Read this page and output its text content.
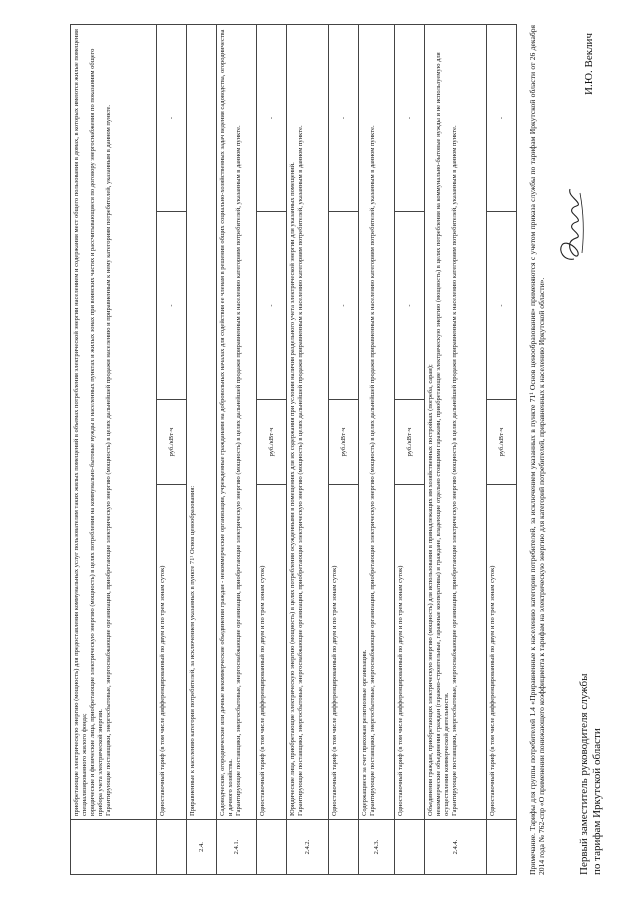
	приобретающие электрическую энергию (мощность) для предоставления коммунальных услуг пользователям таких жилых помещений в объемах потребления электрической энергии населением и содержания мест общего пользования в домах, в которых имеются жилые помещения специализированного жилого фонда; юридические и физические лица, приобретающие электрическую энергию (мощность) в целях потребления на коммунально-бытовые нужды в населенных пунктах и жилых зонах при воинских частях и рассчитывающиеся по договору энергоснабжения по показаниям общего прибора учета электрической энергии. Гарантирующие поставщики, энергосбытовые, энергоснабжающие организации, приобретающие электрическую энергию (мощность) в целях дальнейшей продажи населению и приравненным к нему категориям потребителей, указанным в данном пункте.			

	Одноставочный тариф (в том числе дифференцированный по двум и по трем зонам суток)	руб./кВт·ч	-	-
2.4.	Приравненные к населению категории потребителей, за исключением указанных в пункте 71¹ Основ ценообразования:			
2.4.1.	Садоводческие, огороднические или дачные некоммерческие объединения граждан - некоммерческие организации, учрежденные гражданами на добровольных началах для содействия ее членам в решении общих социально-хозяйственных задач ведения садоводства, огородничества и дачного хозяйства. Гарантирующие поставщики, энергосбытовые, энергоснабжающие организации, приобретающие электрическую энергию (мощность) в целях дальнейшей продажи приравненным к населению категориям потребителей, указанным в данном пункте.			

	Одноставочный тариф (в том числе дифференцированный по двум и по трем зонам суток)	руб./кВт·ч	-	-
2.4.2.	Юридические лица, приобретающие электрическую энергию (мощность) в целях потребления осужденными в помещениях для их содержания при условии наличия раздельного учета электрической энергии для указанных помещений. Гарантирующие поставщики, энергосбытовые, энергоснабжающие организации, приобретающие электрическую энергию (мощность) в целях дальнейшей продажи приравненным к населению категориям потребителей, указанным в данном пункте.			

	Одноставочный тариф (в том числе дифференцированный по двум и по трем зонам суток)	руб./кВт·ч	-	-
2.4.3.	Содержащиеся за счет прихожан религиозные организации. Гарантирующие поставщики, энергосбытовые, энергоснабжающие организации, приобретающие электрическую энергию (мощность) в целях дальнейшей продажи приравненным к населению категориям потребителей, указанным в данном пункте.			

	Одноставочный тариф (в том числе дифференцированный по двум и по трем зонам суток)	руб./кВт·ч	-	-
2.4.4.	Объединения граждан, приобретающих электрическую энергию (мощность) для использования в принадлежащих им хозяйственных постройках (погреба, сараи); некоммерческие объединения граждан (гаражно-строительные, гаражные кооперативы) и граждане, владеющие отдельно стоящими гаражами, приобретающие электрическую энергию (мощность) в целях потребления на коммунально-бытовые нужды и не используемую для осуществления коммерческой деятельности. Гарантирующие поставщики, энергосбытовые, энергоснабжающие организации, приобретающие электрическую энергию (мощность) в целях дальнейшей продажи приравненным к населению категориям потребителей, указанным в данном пункте.			

	Одноставочный тариф (в том числе дифференцированный по двум и по трем зонам суток)	руб./кВт·ч	-	-	Примечание. Тарифы для группы потребителей 1.4 «Приравненные к населению категории потребителей, за исключением указанных в пункте 71¹ Основ ценообразования» применяются с учетом приказа службы по тарифам Иркутской области от 26 декабря 2014 года № 762-спр «О применении понижающего коэффициента к тарифам на электрическую энергию для категорий потребителей, приравненных к населению Иркутской области».	Первый заместитель руководителя службы по тарифам Иркутской области
И.Ю. Веклич
